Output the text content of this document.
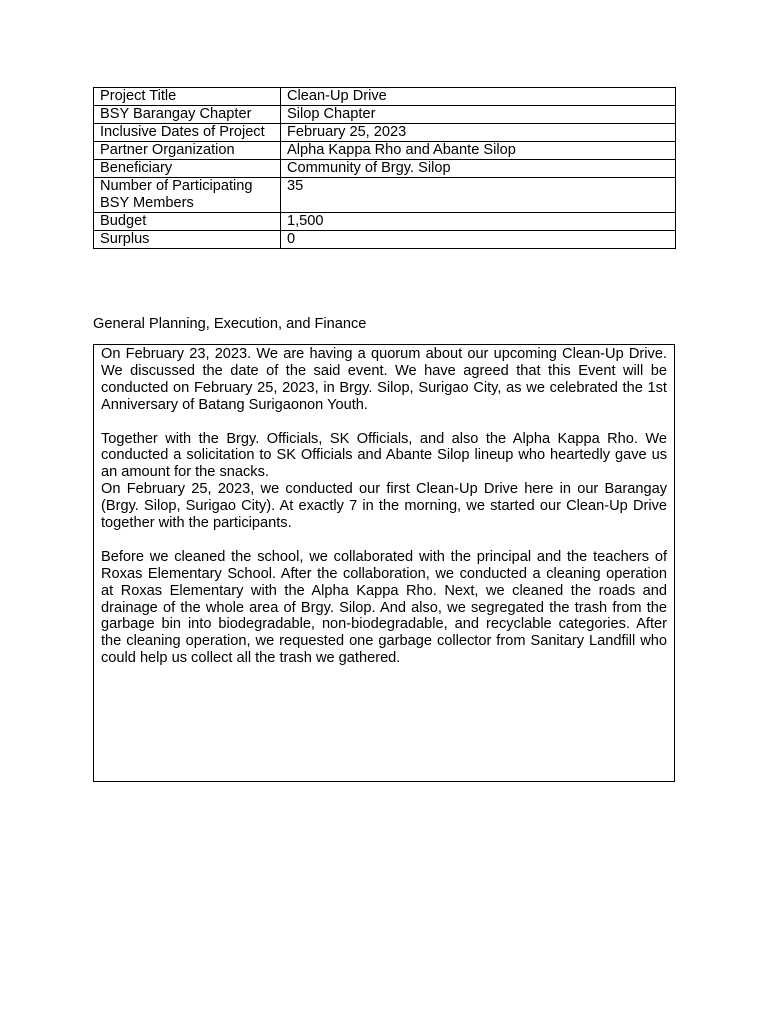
Project Title	Clean-Up Drive
BSY Barangay Chapter	Silop Chapter
Inclusive Dates of Project	February 25, 2023
Partner Organization	Alpha Kappa Rho and Abante Silop
Beneficiary	Community of Brgy. Silop
Number of Participating BSY Members	35
Budget	1,500
Surplus	0
General Planning, Execution, and Finance

On February 23, 2023. We are having a quorum about our upcoming Clean-Up Drive. We discussed the date of the said event. We have agreed that this Event will be conducted on February 25, 2023, in Brgy. Silop, Surigao City, as we celebrated the 1st Anniversary of Batang Surigaonon Youth.

Together with the Brgy. Officials, SK Officials, and also the Alpha Kappa Rho. We conducted a solicitation to SK Officials and Abante Silop lineup who heartedly gave us an amount for the snacks.

On February 25, 2023, we conducted our first Clean-Up Drive here in our Barangay (Brgy. Silop, Surigao City). At exactly 7 in the morning, we started our Clean-Up Drive together with the participants.

Before we cleaned the school, we collaborated with the principal and the teachers of Roxas Elementary School. After the collaboration, we conducted a cleaning operation at Roxas Elementary with the Alpha Kappa Rho. Next, we cleaned the roads and drainage of the whole area of Brgy. Silop. And also, we segregated the trash from the garbage bin into biodegradable, non-biodegradable, and recyclable categories. After the cleaning operation, we requested one garbage collector from Sanitary Landfill who could help us collect all the trash we gathered.
